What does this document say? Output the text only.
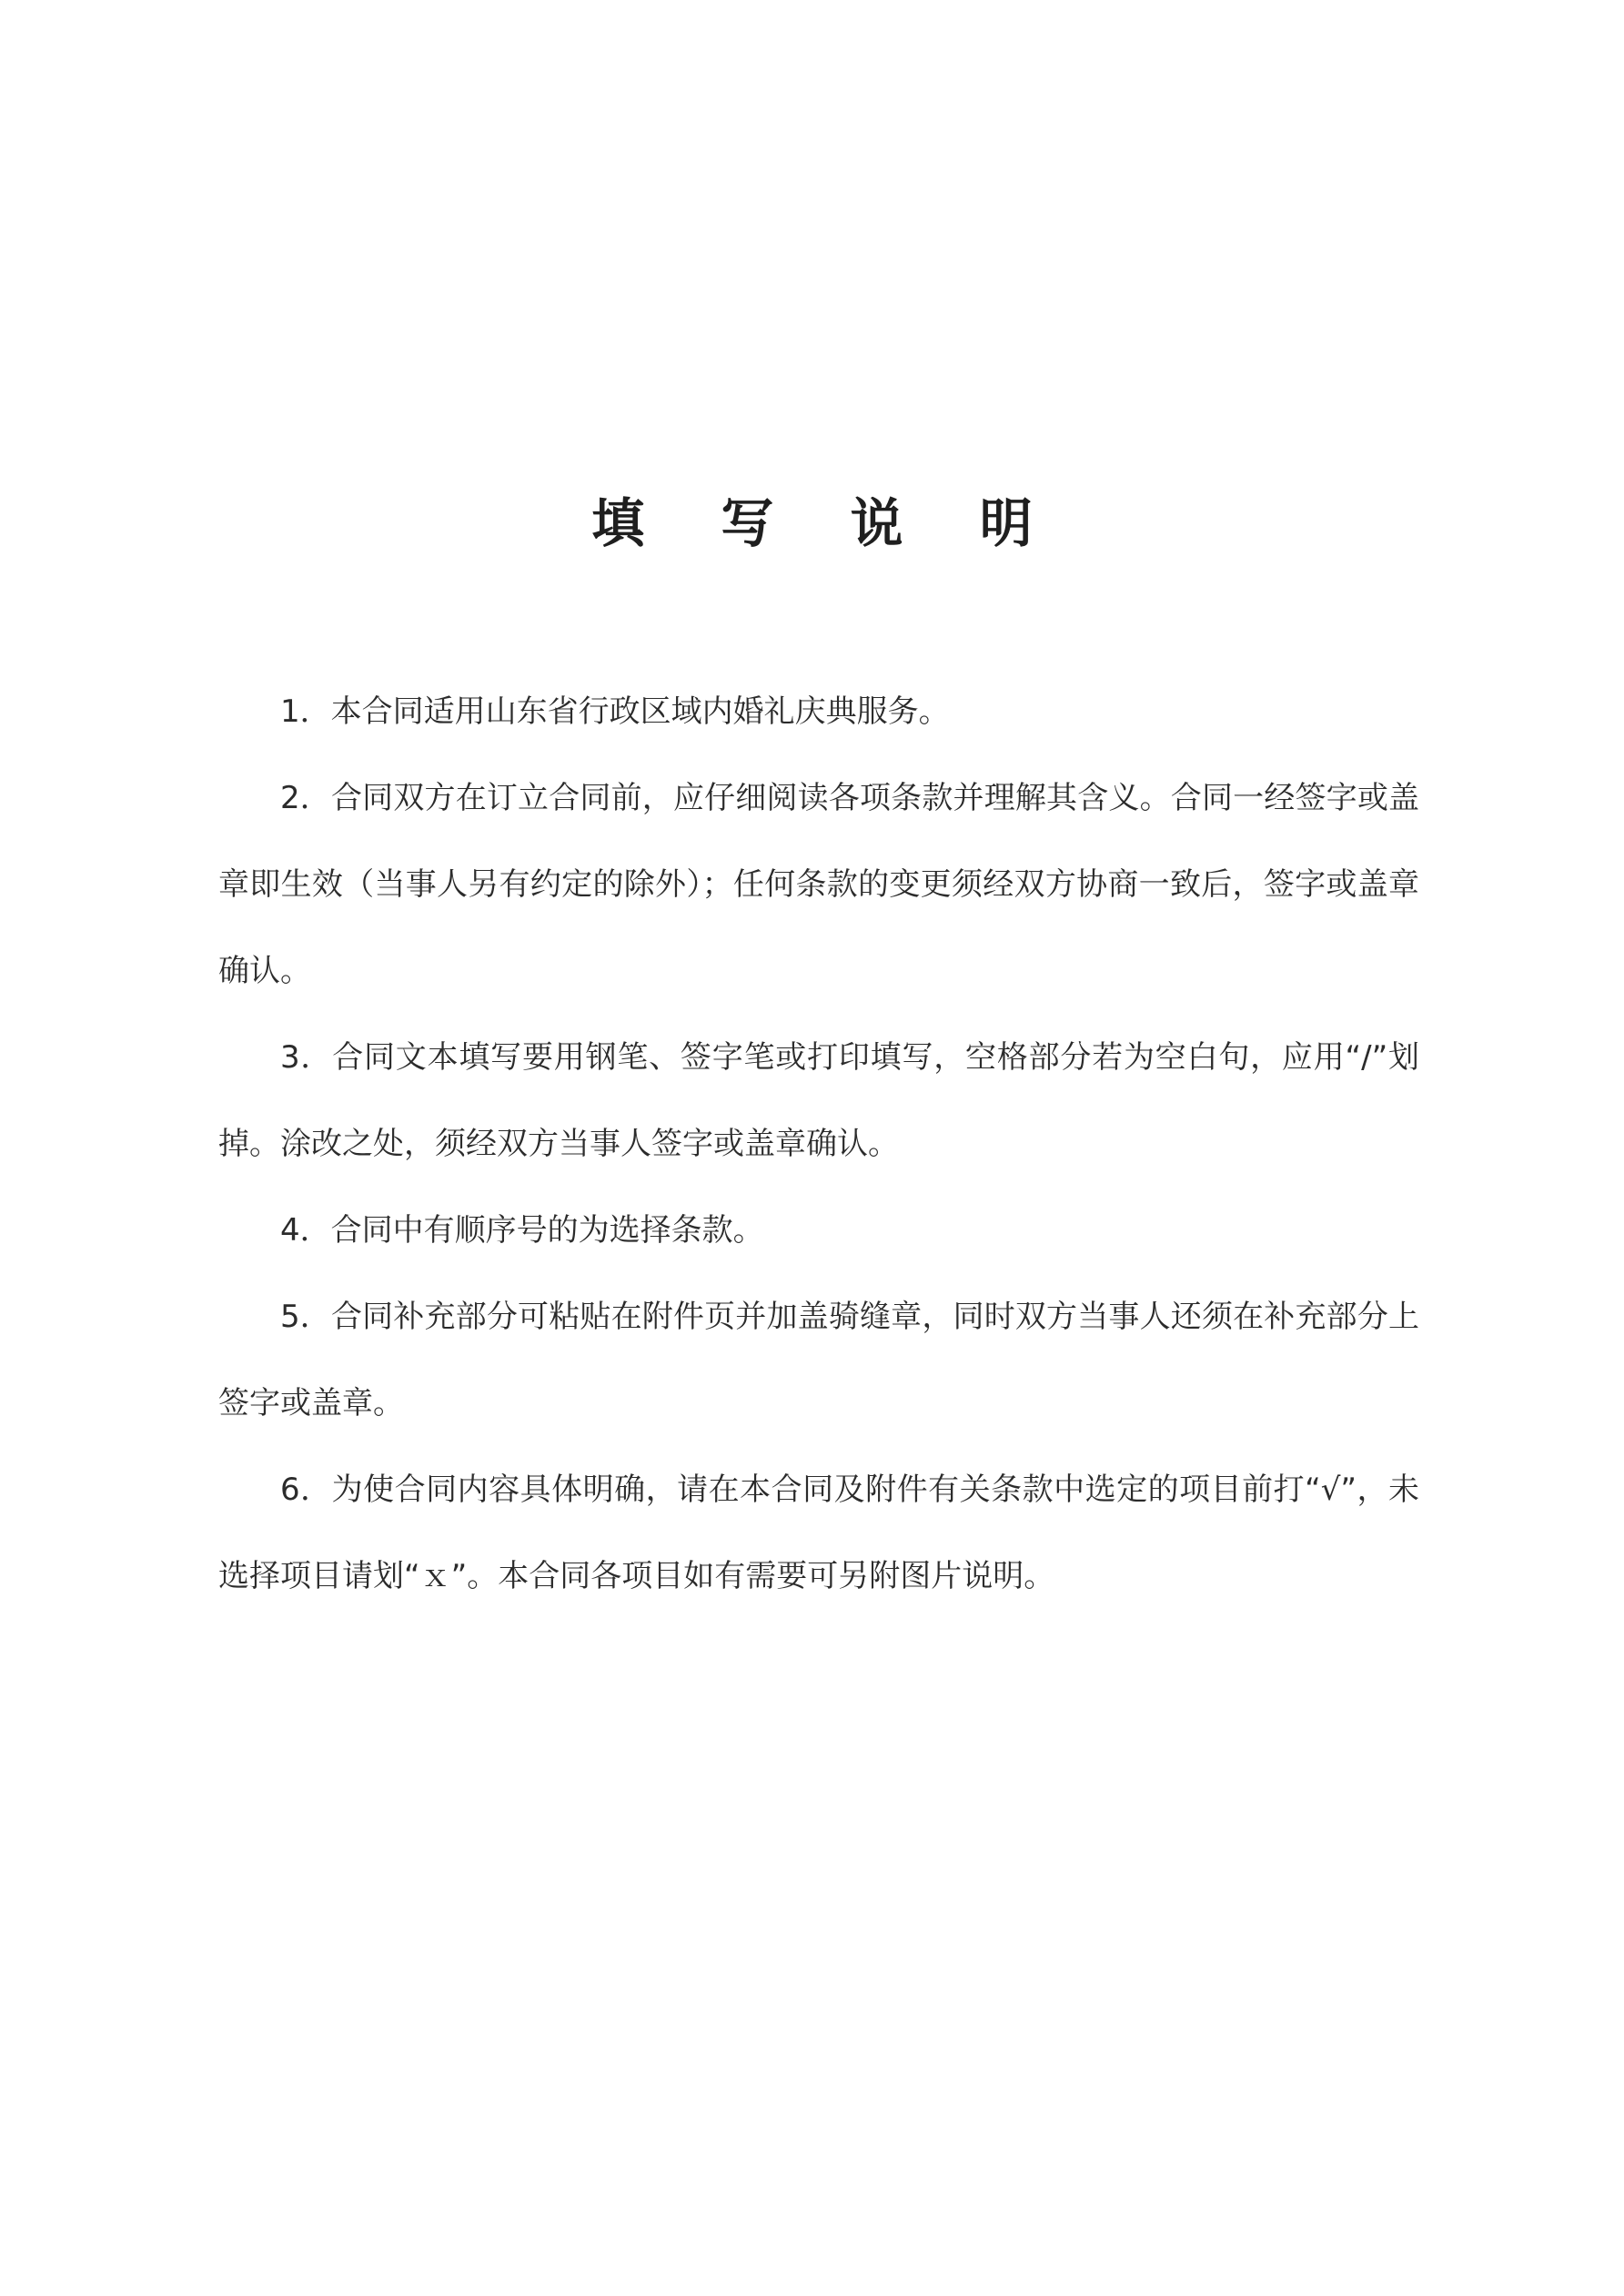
填 写 说 明

1．本合同适用山东省行政区域内婚礼庆典服务。

2．合同双方在订立合同前，应仔细阅读各项条款并理解其含义。合同一经签字或盖章即生效（当事人另有约定的除外）；任何条款的变更须经双方协商一致后，签字或盖章确认。

3．合同文本填写要用钢笔、签字笔或打印填写，空格部分若为空白句，应用“/”划掉。涂改之处，须经双方当事人签字或盖章确认。

4．合同中有顺序号的为选择条款。

5．合同补充部分可粘贴在附件页并加盖骑缝章，同时双方当事人还须在补充部分上签字或盖章。

6．为使合同内容具体明确，请在本合同及附件有关条款中选定的项目前打“√”，未选择项目请划“ｘ”。本合同各项目如有需要可另附图片说明。
